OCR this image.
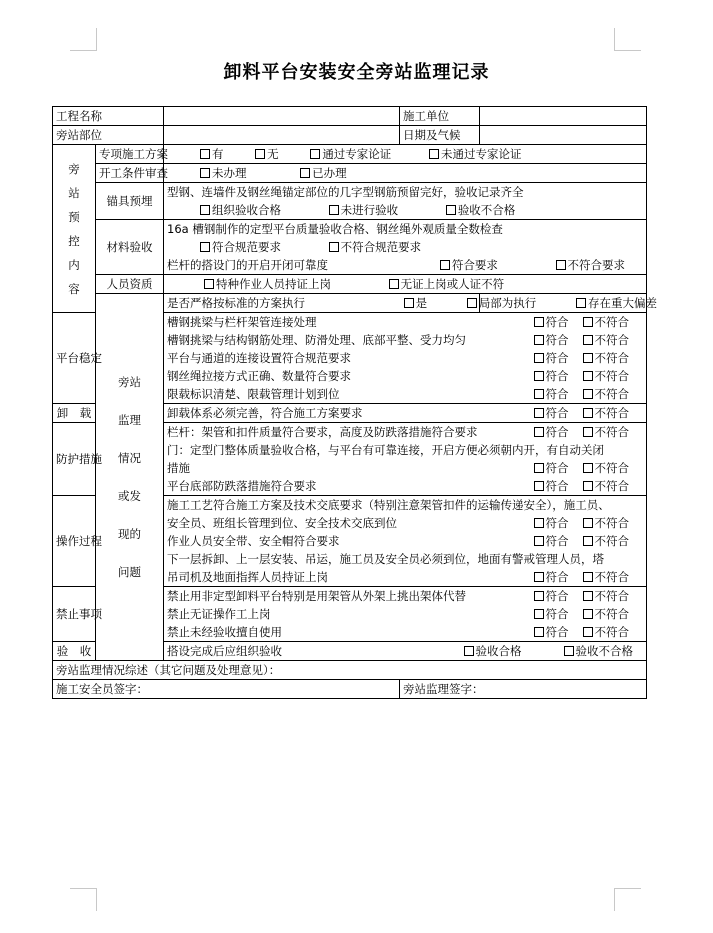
卸料平台安装安全旁站监理记录
工程名称			施工单位	
旁站部位			日期及气候	
旁站预控内容	专项施工方案	有 无 通过专家论证 未通过专家论证		
	开工条件审查	未办理 已办理		
	锚具预埋	型钢、连墙件及钢丝绳锚定部位的几字型钢筋预留完好，验收记录齐全		
		组织验收合格 未进行验收 验收不合格		
	材料验收	16a 槽钢制作的定型平台质量验收合格、钢丝绳外观质量全数检查		
		符合规范要求 不符合规范要求		
		栏杆的搭设门的开启开闭可靠度 符合要求 不符合要求		

	人员资质	特种作业人员持证上岗 无证上岗或人证不符		
	旁站监理情况或发现的问题	是否严格按标准的方案执行		是 局部为执行 存在重大偏差
平台稳定		槽钢挑梁与栏杆架管连接处理 符合 不符合		

		槽钢挑梁与结构钢筋处理、防滑处理、底部平整、受力均匀 符合 不符合		

		平台与通道的连接设置符合规范要求 符合 不符合		

		钢丝绳拉接方式正确、数量符合要求 符合 不符合		

		限载标识清楚、限载管理计划到位 符合 不符合		

卸　载		卸载体系必须完善，符合施工方案要求 符合 不符合		

防护措施		栏杆：架管和扣件质量符合要求，高度及防跌落措施符合要求 符合 不符合		

		门：定型门整体质量验收合格，与平台有可靠连接，开启方便必须朝内开，有自动关闭		
		措施 符合 不符合		

		平台底部防跌落措施符合要求 符合 不符合		

操作过程		施工工艺符合施工方案及技术交底要求（特别注意架管扣件的运输传递安全），施工员、		
		安全员、班组长管理到位、安全技术交底到位 符合 不符合		

		作业人员安全带、安全帽符合要求 符合 不符合		

		下一层拆卸、上一层安装、吊运，施工员及安全员必须到位，地面有警戒管理人员，塔		
		吊司机及地面指挥人员持证上岗 符合 不符合		

禁止事项		禁止用非定型卸料平台特别是用架管从外架上挑出架体代替 符合 不符合		

		禁止无证操作工上岗 符合 不符合		

		禁止未经验收擅自使用 符合 不符合		

验　收		搭设完成后应组织验收 验收合格 验收不合格		

旁站监理情况综述（其它问题及处理意见）：				
施工安全员签字：			旁站监理签字：	
